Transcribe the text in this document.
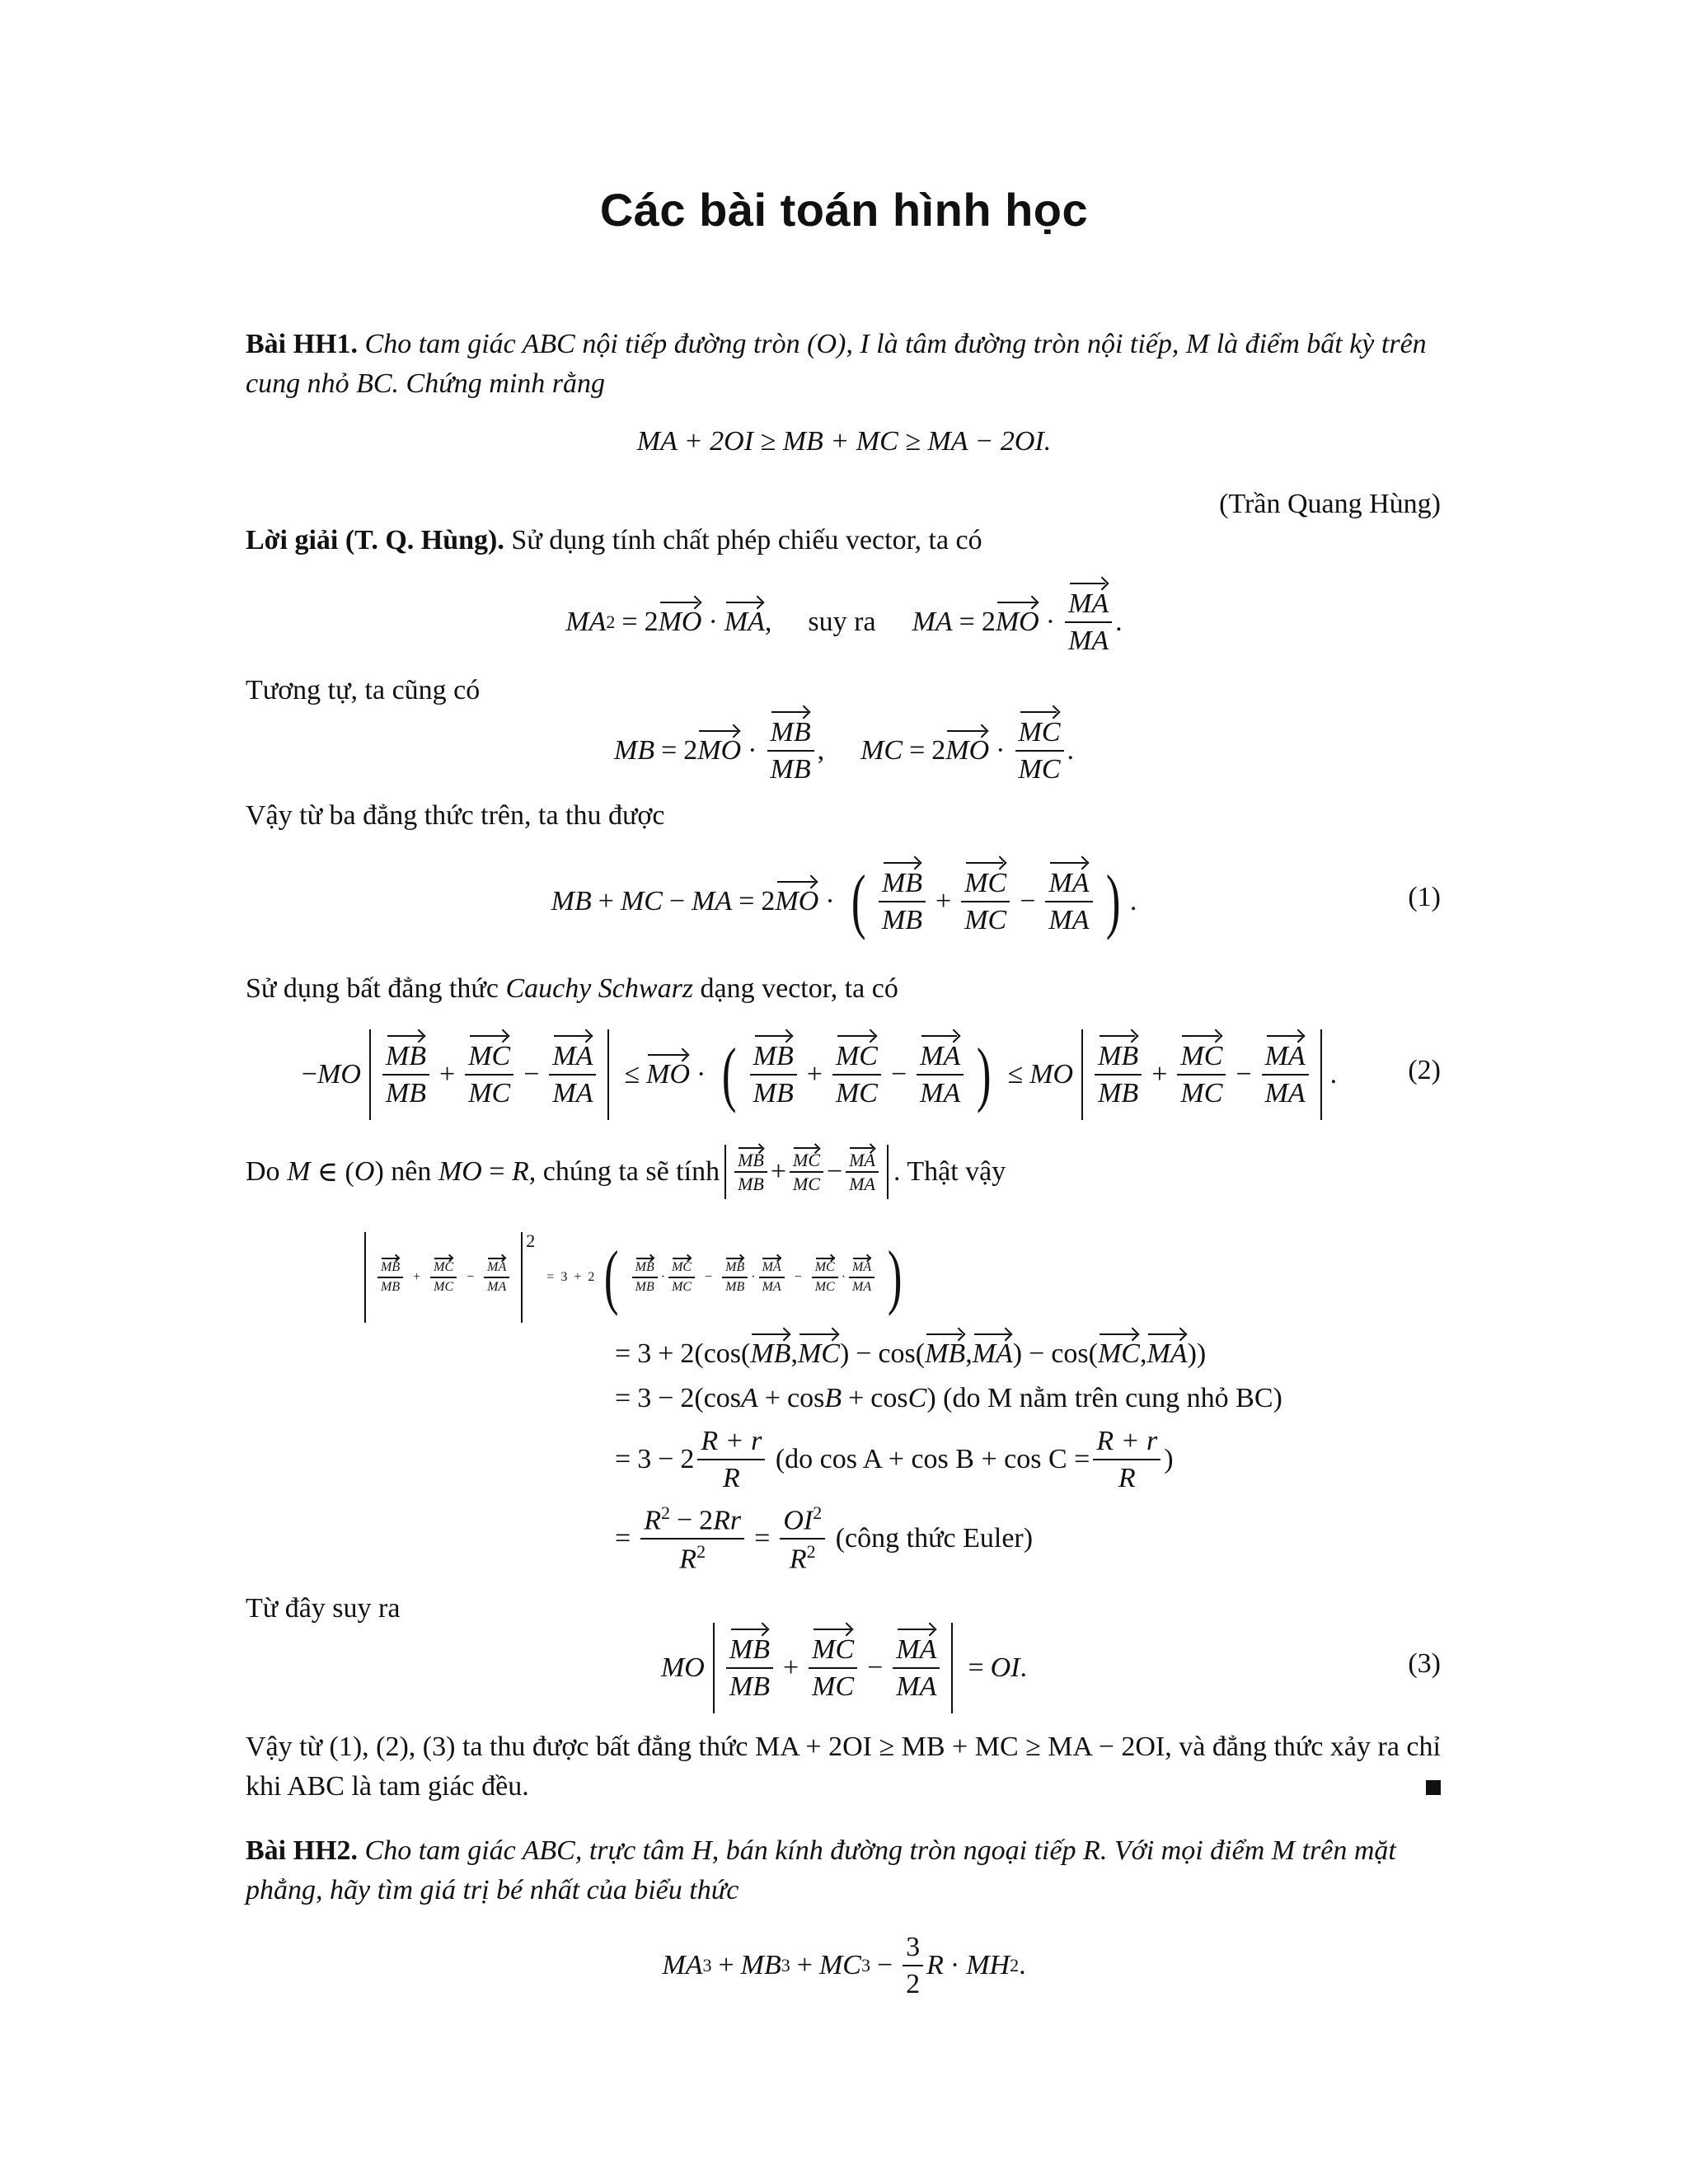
Các bài toán hình học
Bài HH1. Cho tam giác ABC nội tiếp đường tròn (O), I là tâm đường tròn nội tiếp, M là điểm bất kỳ trên cung nhỏ BC. Chứng minh rằng
MA + 2OI ≥ MB + MC ≥ MA − 2OI.
(Trần Quang Hùng)
Lời giải (T. Q. Hùng). Sử dụng tính chất phép chiếu vector, ta có
MA 2 = 2 MO · MA , suy ra MA = 2 MO · $\frac{MA}{MA}$ .
Tương tự, ta cũng có
MB = 2 MO · $\frac{MB}{MB}$ , MC = 2 MO · $\frac{MC}{MC}$ .
Vậy từ ba đẳng thức trên, ta thu được
MB + MC − MA = 2 MO · ( $\frac{MB}{MB} + \frac{MC}{MC} - \frac{MA}{MA}$ ) .	(1)
Sử dụng bất đẳng thức Cauchy Schwarz dạng vector, ta có
− MO $\frac{MB}{MB} + \frac{MC}{MC} - \frac{MA}{MA}$ ≤ MO · ( $\frac{MB}{MB} + \frac{MC}{MC} - \frac{MA}{MA}$ ) ≤ MO $\frac{MB}{MB} + \frac{MC}{MC} - \frac{MA}{MA}$ .	(2)
Do
M ∈ ( O ) nên
MO = R , chúng ta sẽ tính $\frac{MB}{MB} + \frac{MC}{MC} - \frac{MA}{MA}$ . Thật vậy
$\frac{MB}{MB} + \frac{MC}{MC} - \frac{MA}{MA}$
$^2$
= 3 + 2 ( $\frac{MB}{MB} \cdot \frac{MC}{MC} - \frac{MB}{MB} \cdot \frac{MA}{MA} - \frac{MC}{MC} \cdot \frac{MA}{MA}$ )
= 3 + 2(cos( MB , MC ) − cos( MB , MA ) − cos( MC , MA ))
= 3 − 2(cos A + cos B + cos C ) (do M nằm trên cung nhỏ BC)
= $3 - 2 \frac{R + r}{R}$
(do $\cos A + \cos B + \cos C = \frac{R + r}{R}$ )
= $\frac{R^2 - 2Rr}{R^2} = \frac{OI^2}{R^2}$
(công thức Euler)
Từ đây suy ra
MO $\frac{MB}{MB} + \frac{MC}{MC} - \frac{MA}{MA}$ = OI .	(3)
Vậy từ (1), (2), (3) ta thu được bất đẳng thức MA + 2OI ≥ MB + MC ≥ MA − 2OI, và đẳng thức xảy ra chỉ khi ABC là tam giác đều.
Bài HH2. Cho tam giác ABC, trực tâm H, bán kính đường tròn ngoại tiếp R. Với mọi điểm M trên mặt phẳng, hãy tìm giá trị bé nhất của biểu thức
MA 3 + MB 3 + MC $3 - \frac{3}{2}$ R · MH 2 .
